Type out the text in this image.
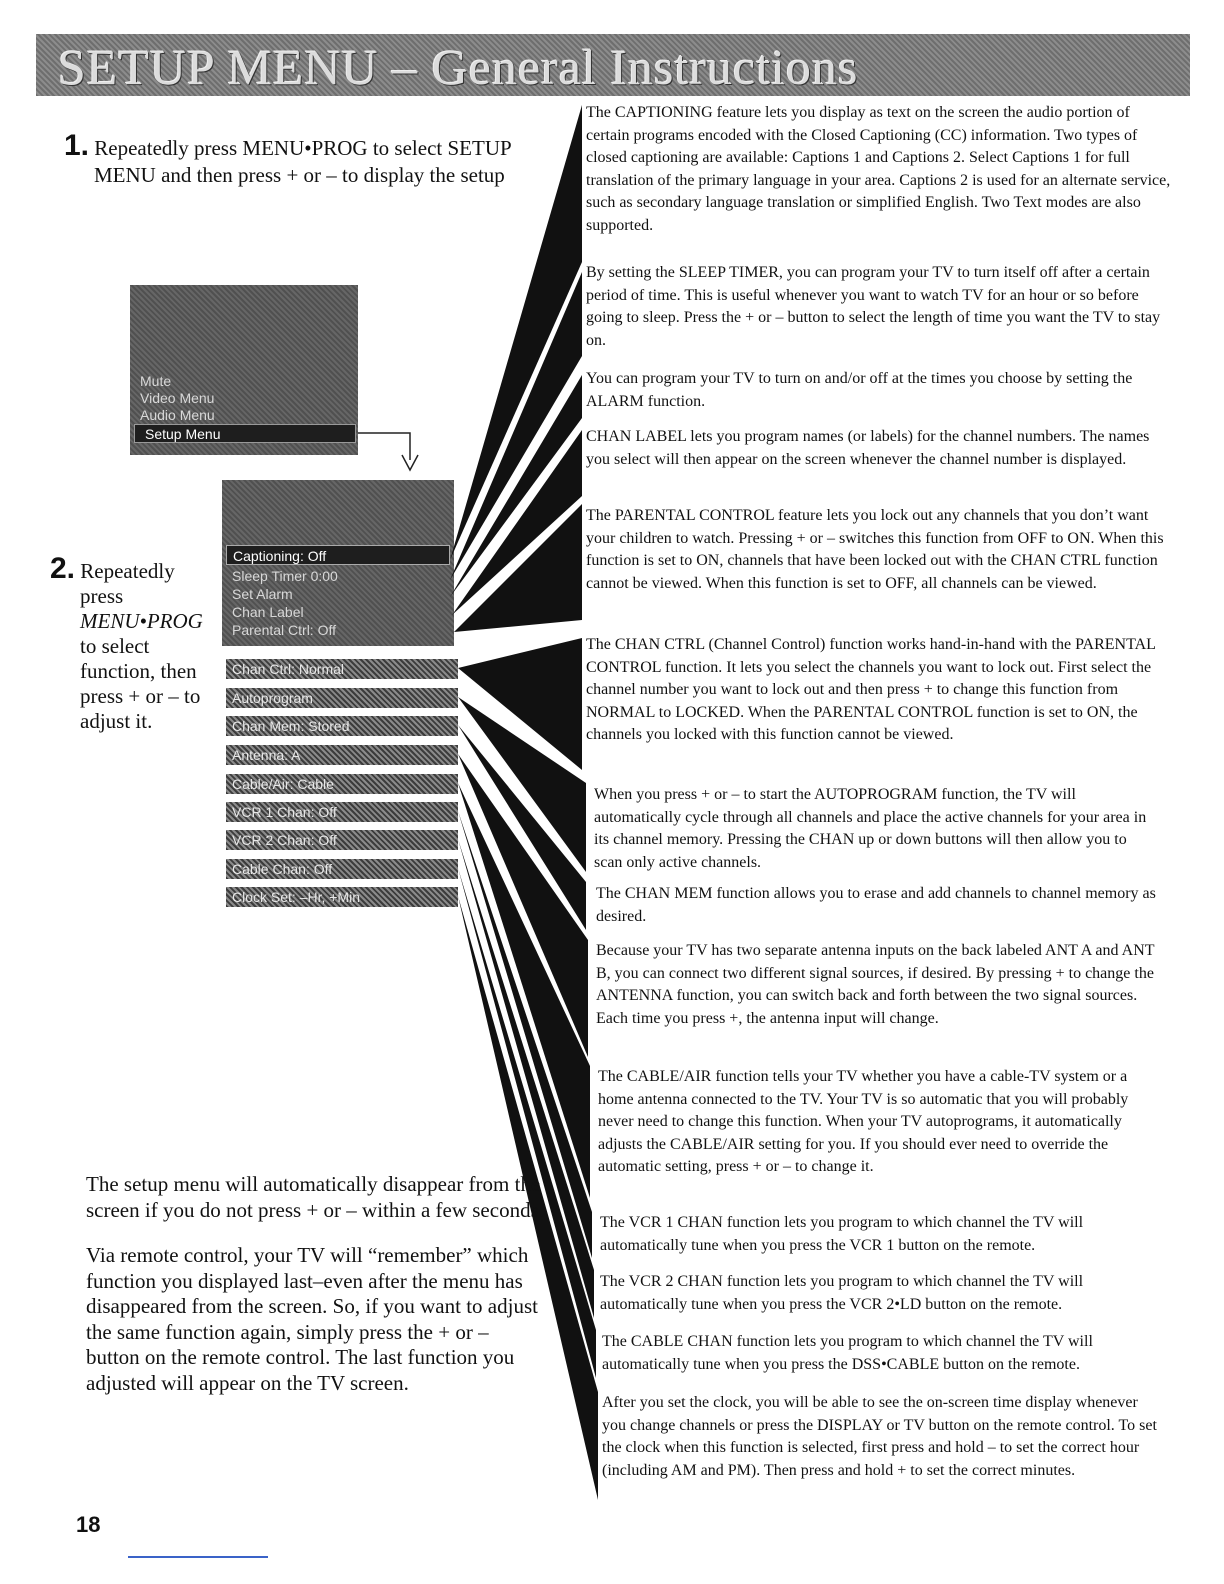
SETUP MENU – General Instructions
1. Repeatedly press MENU•PROG to select SETUP
MENU and then press + or – to display the setup
Mute
Video Menu
Audio Menu
Setup Menu
Captioning: Off
Sleep Timer 0:00
Set Alarm
Chan Label
Parental Ctrl: Off
Chan Ctrl: Normal
Autoprogram
Chan Mem: Stored
Antenna: A
Cable/Air: Cable
VCR 1 Chan: Off
VCR 2 Chan: Off
Cable Chan: Off
Clock Set: –Hr, +Min
2. Repeatedly
press
MENU•PROG
to select
function, then
press + or – to
adjust it.
The CAPTIONING feature lets you display as text on the screen the audio portion of certain programs encoded with the Closed Captioning (CC) information. Two types of closed captioning are available: Captions 1 and Captions 2. Select Captions 1 for full translation of the primary language in your area. Captions 2 is used for an alternate service, such as secondary language translation or simplified English. Two Text modes are also supported.
By setting the SLEEP TIMER, you can program your TV to turn itself off after a certain period of time. This is useful whenever you want to watch TV for an hour or so before going to sleep. Press the + or – button to select the length of time you want the TV to stay on.
You can program your TV to turn on and/or off at the times you choose by setting the ALARM function.
CHAN LABEL lets you program names (or labels) for the channel numbers. The names you select will then appear on the screen whenever the channel number is displayed.
The PARENTAL CONTROL feature lets you lock out any channels that you don’t want your children to watch. Pressing + or – switches this function from OFF to ON. When this function is set to ON, channels that have been locked out with the CHAN CTRL function cannot be viewed. When this function is set to OFF, all channels can be viewed.
The CHAN CTRL (Channel Control) function works hand-in-hand with the PARENTAL CONTROL function. It lets you select the channels you want to lock out. First select the channel number you want to lock out and then press + to change this function from NORMAL to LOCKED. When the PARENTAL CONTROL function is set to ON, the channels you locked with this function cannot be viewed.
When you press + or – to start the AUTOPROGRAM function, the TV will automatically cycle through all channels and place the active channels for your area in its channel memory. Pressing the CHAN up or down buttons will then allow you to scan only active channels.
The CHAN MEM function allows you to erase and add channels to channel memory as desired.
Because your TV has two separate antenna inputs on the back labeled ANT A and ANT B, you can connect two different signal sources, if desired. By pressing + to change the ANTENNA function, you can switch back and forth between the two signal sources. Each time you press +, the antenna input will change.
The CABLE/AIR function tells your TV whether you have a cable-TV system or a home antenna connected to the TV. Your TV is so automatic that you will probably never need to change this function. When your TV autoprograms, it automatically adjusts the CABLE/AIR setting for you. If you should ever need to override the automatic setting, press + or – to change it.
The VCR 1 CHAN function lets you program to which channel the TV will automatically tune when you press the VCR 1 button on the remote.
The VCR 2 CHAN function lets you program to which channel the TV will automatically tune when you press the VCR 2•LD button on the remote.
The CABLE CHAN function lets you program to which channel the TV will automatically tune when you press the DSS•CABLE button on the remote.
After you set the clock, you will be able to see the on-screen time display whenever you change channels or press the DISPLAY or TV button on the remote control. To set the clock when this function is selected, first press and hold – to set the correct hour (including AM and PM). Then press and hold + to set the correct minutes.

The setup menu will automatically disappear from the screen if you do not press + or – within a few seconds.

Via remote control, your TV will “remember” which function you displayed last–even after the menu has disappeared from the screen. So, if you want to adjust the same function again, simply press the + or – button on the remote control. The last function you adjusted will appear on the TV screen.

18
